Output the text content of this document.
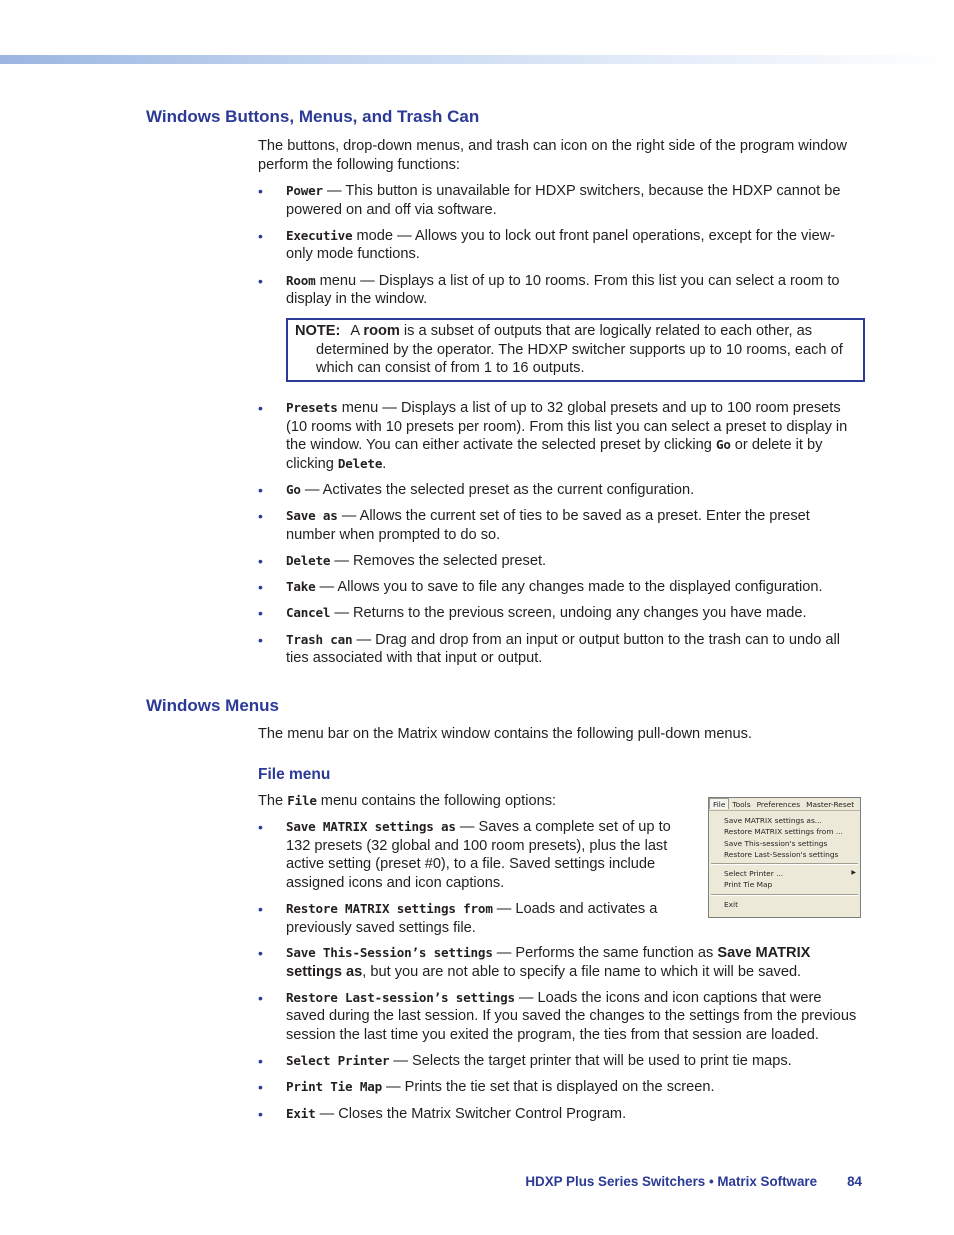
Windows Buttons, Menus, and Trash Can
The buttons, drop-down menus, and trash can icon on the right side of the program window perform the following functions:
• Power — This button is unavailable for HDXP switchers, because the HDXP cannot be powered on and off via software.
• Executive mode — Allows you to lock out front panel operations, except for the view-only mode functions.
• Room menu — Displays a list of up to 10 rooms. From this list you can select a room to display in the window.
NOTE: A room is a subset of outputs that are logically related to each other, as
determined by the operator. The HDXP switcher supports up to 10 rooms, each of which can consist of from 1 to 16 outputs.
• Presets menu — Displays a list of up to 32 global presets and up to 100 room presets (10 rooms with 10 presets per room). From this list you can select a preset to display in the window. You can either activate the selected preset by clicking Go or delete it by clicking Delete.
• Go — Activates the selected preset as the current configuration.
• Save as — Allows the current set of ties to be saved as a preset. Enter the preset number when prompted to do so.
• Delete — Removes the selected preset.
• Take — Allows you to save to file any changes made to the displayed configuration.
• Cancel — Returns to the previous screen, undoing any changes you have made.
• Trash can — Drag and drop from an input or output button to the trash can to undo all ties associated with that input or output.
Windows Menus
The menu bar on the Matrix window contains the following pull-down menus.
File menu
The File menu contains the following options:
• Save MATRIX settings as — Saves a complete set of up to 132 presets (32 global and 100 room presets), plus the last active setting (preset #0), to a file. Saved settings include assigned icons and icon captions.
• Restore MATRIX settings from — Loads and activates a previously saved settings file.
• Save This-Session’s settings — Performs the same function as Save MATRIX settings as, but you are not able to specify a file name to which it will be saved.
• Restore Last-session’s settings — Loads the icons and icon captions that were saved during the last session. If you saved the changes to the settings from the previous session the last time you exited the program, the ties from that session are loaded.
• Select Printer — Selects the target printer that will be used to print tie maps.
• Print Tie Map — Prints the tie set that is displayed on the screen.
• Exit — Closes the Matrix Switcher Control Program.
File Tools Preferences Master-Reset
Save MATRIX settings as...
Restore MATRIX settings from ...
Save This-session's settings
Restore Last-Session's settings
Select Printer ...	▶
Print Tie Map
Exit
HDXP Plus Series Switchers • Matrix Software 84
